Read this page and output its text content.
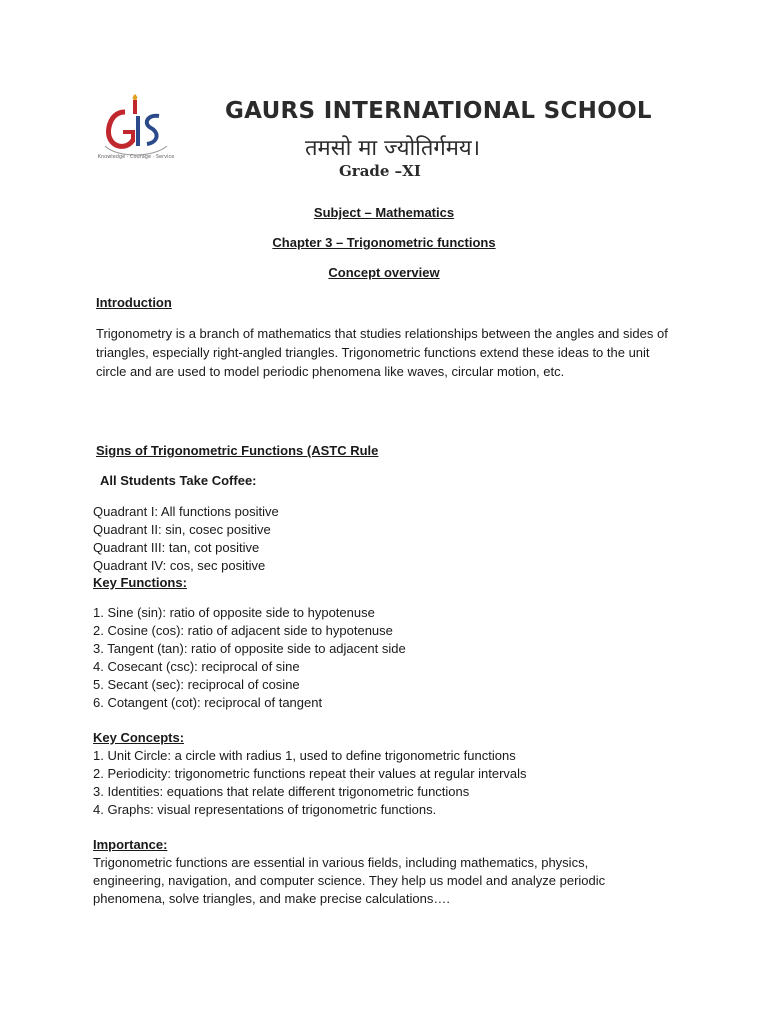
Knowledge · Courage · Service
GAURS INTERNATIONAL SCHOOL
तमसो मा ज्योतिर्गमय।
Grade –XI
Subject – Mathematics
Chapter 3 – Trigonometric functions
Concept overview
Introduction
Trigonometry is a branch of mathematics that studies relationships between the angles and sides of triangles, especially right-angled triangles. Trigonometric functions extend these ideas to the unit circle and are used to model periodic phenomena like waves, circular motion, etc.
Signs of Trigonometric Functions (ASTC Rule
All Students Take Coffee:
Quadrant I: All functions positive
Quadrant II: sin, cosec positive
Quadrant III: tan, cot positive
Quadrant IV: cos, sec positive
Key Functions:
1. Sine (sin): ratio of opposite side to hypotenuse
2. Cosine (cos): ratio of adjacent side to hypotenuse
3. Tangent (tan): ratio of opposite side to adjacent side
4. Cosecant (csc): reciprocal of sine
5. Secant (sec): reciprocal of cosine
6. Cotangent (cot): reciprocal of tangent
Key Concepts:
1. Unit Circle: a circle with radius 1, used to define trigonometric functions
2. Periodicity: trigonometric functions repeat their values at regular intervals
3. Identities: equations that relate different trigonometric functions
4. Graphs: visual representations of trigonometric functions.
Importance:
Trigonometric functions are essential in various fields, including mathematics, physics, engineering, navigation, and computer science. They help us model and analyze periodic phenomena, solve triangles, and make precise calculations….
